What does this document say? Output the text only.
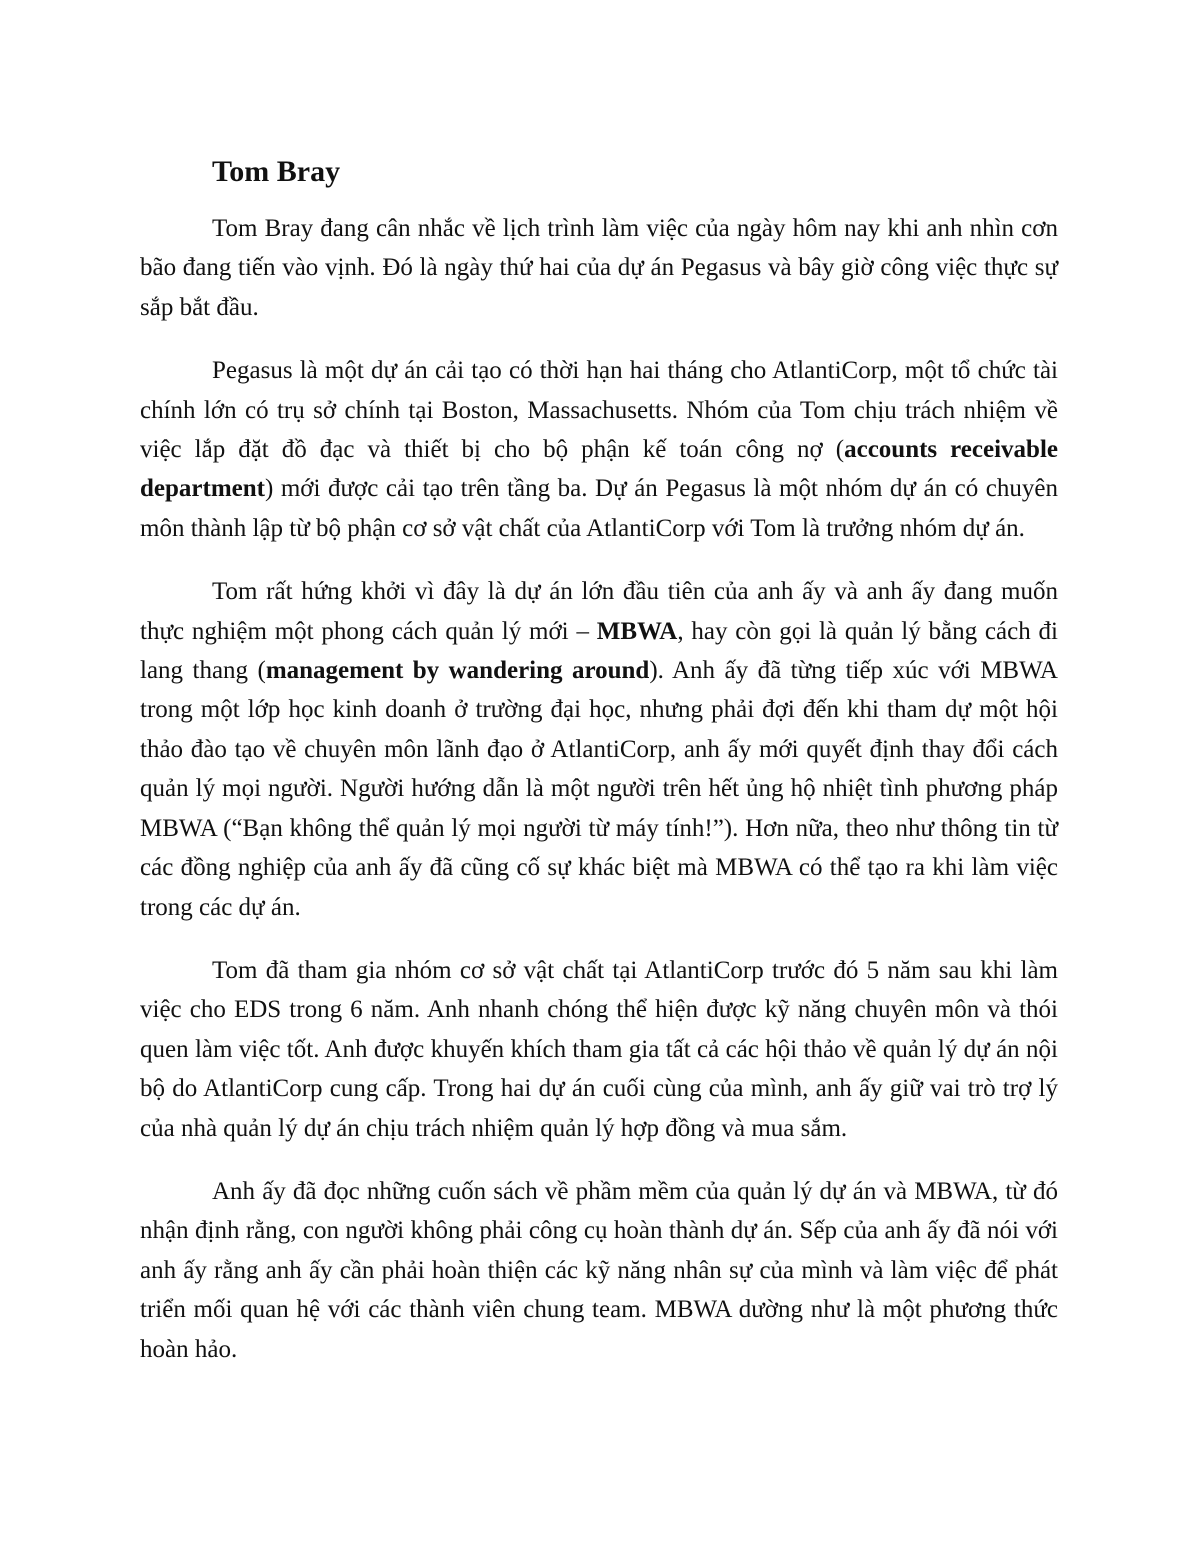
Tom Bray

Tom Bray đang cân nhắc về lịch trình làm việc của ngày hôm nay khi anh nhìn cơn bão đang tiến vào vịnh. Đó là ngày thứ hai của dự án Pegasus và bây giờ công việc thực sự sắp bắt đầu.

Pegasus là một dự án cải tạo có thời hạn hai tháng cho AtlantiCorp, một tổ chức tài chính lớn có trụ sở chính tại Boston, Massachusetts. Nhóm của Tom chịu trách nhiệm về việc lắp đặt đồ đạc và thiết bị cho bộ phận kế toán công nợ (accounts receivable department) mới được cải tạo trên tầng ba. Dự án Pegasus là một nhóm dự án có chuyên môn thành lập từ bộ phận cơ sở vật chất của AtlantiCorp với Tom là trưởng nhóm dự án.

Tom rất hứng khởi vì đây là dự án lớn đầu tiên của anh ấy và anh ấy đang muốn thực nghiệm một phong cách quản lý mới – MBWA, hay còn gọi là quản lý bằng cách đi lang thang (management by wandering around). Anh ấy đã từng tiếp xúc với MBWA trong một lớp học kinh doanh ở trường đại học, nhưng phải đợi đến khi tham dự một hội thảo đào tạo về chuyên môn lãnh đạo ở AtlantiCorp, anh ấy mới quyết định thay đổi cách quản lý mọi người. Người hướng dẫn là một người trên hết ủng hộ nhiệt tình phương pháp MBWA (“Bạn không thể quản lý mọi người từ máy tính!”). Hơn nữa, theo như thông tin từ các đồng nghiệp của anh ấy đã cũng cố sự khác biệt mà MBWA có thể tạo ra khi làm việc trong các dự án.

Tom đã tham gia nhóm cơ sở vật chất tại AtlantiCorp trước đó 5 năm sau khi làm việc cho EDS trong 6 năm. Anh nhanh chóng thể hiện được kỹ năng chuyên môn và thói quen làm việc tốt. Anh được khuyến khích tham gia tất cả các hội thảo về quản lý dự án nội bộ do AtlantiCorp cung cấp. Trong hai dự án cuối cùng của mình, anh ấy giữ vai trò trợ lý của nhà quản lý dự án chịu trách nhiệm quản lý hợp đồng và mua sắm.

Anh ấy đã đọc những cuốn sách về phầm mềm của quản lý dự án và MBWA, từ đó nhận định rằng, con người không phải công cụ hoàn thành dự án. Sếp của anh ấy đã nói với anh ấy rằng anh ấy cần phải hoàn thiện các kỹ năng nhân sự của mình và làm việc để phát triển mối quan hệ với các thành viên chung team. MBWA dường như là một phương thức hoàn hảo.
